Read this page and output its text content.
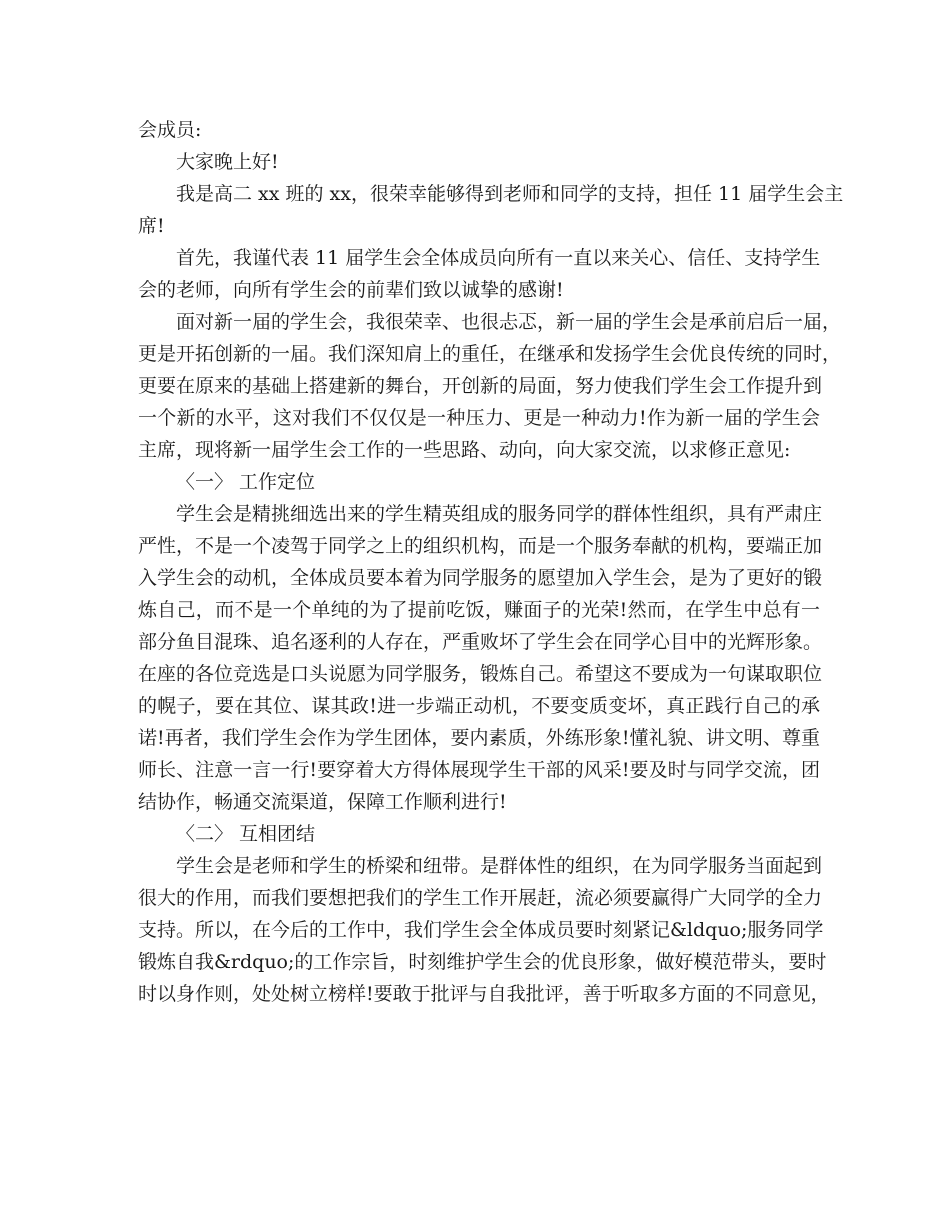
会成员:
大家晚上好!
我是高二 xx 班的 xx，很荣幸能够得到老师和同学的支持，担任 11 届学生会主
席!
首先，我谨代表 11 届学生会全体成员向所有一直以来关心、信任、支持学生
会的老师，向所有学生会的前辈们致以诚挚的感谢!
面对新一届的学生会，我很荣幸、也很忐忑，新一届的学生会是承前启后一届，
更是开拓创新的一届。我们深知肩上的重任，在继承和发扬学生会优良传统的同时，
更要在原来的基础上搭建新的舞台，开创新的局面，努力使我们学生会工作提升到
一个新的水平，这对我们不仅仅是一种压力、更是一种动力!作为新一届的学生会
主席，现将新一届学生会工作的一些思路、动向，向大家交流，以求修正意见:
〈一〉 工作定位
学生会是精挑细选出来的学生精英组成的服务同学的群体性组织，具有严肃庄
严性，不是一个凌驾于同学之上的组织机构，而是一个服务奉献的机构，要端正加
入学生会的动机，全体成员要本着为同学服务的愿望加入学生会，是为了更好的锻
炼自己，而不是一个单纯的为了提前吃饭，赚面子的光荣!然而，在学生中总有一
部分鱼目混珠、追名逐利的人存在，严重败坏了学生会在同学心目中的光辉形象。
在座的各位竞选是口头说愿为同学服务，锻炼自己。希望这不要成为一句谋取职位
的幌子，要在其位、谋其政!进一步端正动机，不要变质变坏，真正践行自己的承
诺!再者，我们学生会作为学生团体，要内素质，外练形象!懂礼貌、讲文明、尊重
师长、注意一言一行!要穿着大方得体展现学生干部的风采!要及时与同学交流，团
结协作，畅通交流渠道，保障工作顺利进行!
〈二〉 互相团结
学生会是老师和学生的桥梁和纽带。是群体性的组织，在为同学服务当面起到
很大的作用，而我们要想把我们的学生工作开展赶，流必须要赢得广大同学的全力
支持。所以，在今后的工作中，我们学生会全体成员要时刻紧记&ldquo;服务同学
锻炼自我&rdquo;的工作宗旨，时刻维护学生会的优良形象，做好模范带头，要时
时以身作则，处处树立榜样!要敢于批评与自我批评，善于听取多方面的不同意见，
